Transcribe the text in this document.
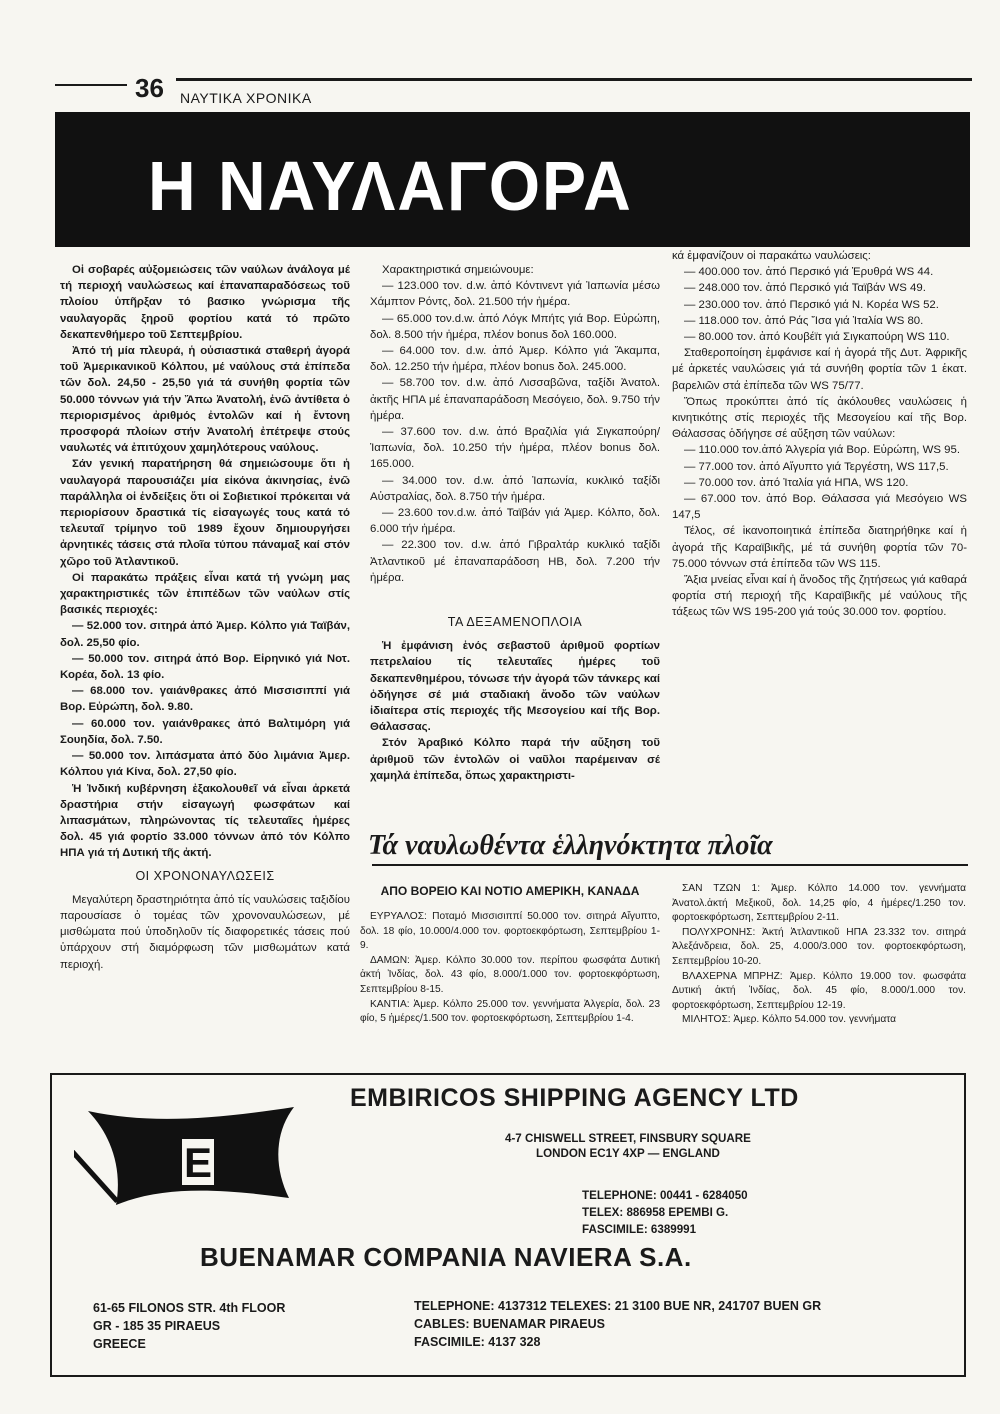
36 ΝΑΥΤΙΚΑ ΧΡΟΝΙΚΑ
Η ΝΑΥΛΑΓΟΡΑ

Οἱ σοβαρές αὐξομειώσεις τῶν ναύλων ἀνάλογα μέ τή περιοχή ναυλώσεως καί ἐπαναπαραδόσεως τοῦ πλοίου ὑπῆρξαν τό βασικο γνώρισμα τῆς ναυλαγορᾶς ξηροῦ φορτίου κατά τό πρῶτο δεκαπενθήμερο τοῦ Σεπτεμβρίου.

Ἀπό τή μία πλευρά, ἡ οὐσιαστικά σταθερή ἀγορά τοῦ Ἀμερικανικοῦ Κόλπου, μέ ναύλους στά ἐπίπεδα τῶν δολ. 24,50 - 25,50 γιά τά συνήθη φορτία τῶν 50.000 τόννων γιά τήν Ἄπω Ἀνατολή, ἐνῶ ἀντίθετα ὁ περιορισμένος ἀριθμός ἐντολῶν καί ἡ ἔντονη προσφορά πλοίων στήν Ἀνατολή ἐπέτρεψε στούς ναυλωτές νά ἐπιτύχουν χαμηλότερους ναύλους.

Σάν γενική παρατήρηση θά σημειώσουμε ὅτι ἡ ναυλαγορά παρουσιάζει μία εἰκόνα ἀκινησίας, ἐνῶ παράλληλα οἱ ἐνδείξεις ὅτι οἱ Σοβιετικοί πρόκειται νά περιορίσουν δραστικά τίς εἰσαγωγές τους κατά τό τελευταῖ τρίμηνο τοῦ 1989 ἔχουν δημιουργήσει ἀρνητικές τάσεις στά πλοῖα τύπου πάναμαξ καί στόν χῶρο τοῦ Ἀτλαντικοῦ.

Οἱ παρακάτω πράξεις εἶναι κατά τή γνώμη μας χαρακτηριστικές τῶν ἐπιπέδων τῶν ναύλων στίς βασικές περιοχές:

— 52.000 τον. σιτηρά ἀπό Ἀμερ. Κόλπο γιά Ταϊβάν, δολ. 25,50 φίο.

— 50.000 τον. σιτηρά ἀπό Βορ. Εἰρηνικό γιά Νοτ. Κορέα, δολ. 13 φίο.

— 68.000 τον. γαιάνθρακες ἀπό Μισσισιππί γιά Βορ. Εὐρώπη, δολ. 9.80.

— 60.000 τον. γαιάνθρακες ἀπό Βαλτιμόρη γιά Σουηδία, δολ. 7.50.

— 50.000 τον. λιπάσματα ἀπό δύο λιμάνια Ἀμερ. Κόλπου γιά Κίνα, δολ. 27,50 φίο.

Ἡ Ἰνδική κυβέρνηση ἐξακολουθεῖ νά εἶναι ἀρκετά δραστήρια στήν εἰσαγωγή φωσφάτων καί λιπασμάτων, πληρώνοντας τίς τελευταῖες ἡμέρες δολ. 45 γιά φορτίο 33.000 τόννων ἀπό τόν Κόλπο ΗΠΑ γιά τή Δυτική τῆς ἀκτή.

ΟΙ ΧΡΟΝΟΝΑΥΛΩΣΕΙΣ

Μεγαλύτερη δραστηριότητα ἀπό τίς ναυλώσεις ταξιδίου παρουσίασε ὁ τομέας τῶν χρονοναυλώσεων, μέ μισθώματα πού ὑποδηλοῦν τίς διαφορετικές τάσεις πού ὑπάρχουν στή διαμόρφωση τῶν μισθωμάτων κατά περιοχή.

Χαρακτηριστικά σημειώνουμε:

— 123.000 τον. d.w. ἀπό Κόντινεντ γιά Ἰαπωνία μέσω Χάμπτον Ρόντς, δολ. 21.500 τήν ἡμέρα.

— 65.000 τον.d.w. ἀπό Λόγκ Μπήτς γιά Βορ. Εὐρώπη, δολ. 8.500 τήν ἡμέρα, πλέον bonus δολ 160.000.

— 64.000 τον. d.w. ἀπό Ἀμερ. Κόλπο γιά Ἄκαμπα, δολ. 12.250 τήν ἡμέρα, πλέον bonus δολ. 245.000.

— 58.700 τον. d.w. ἀπό Λισσαβῶνα, ταξίδι Ἀνατολ. ἀκτῆς ΗΠΑ μέ ἐπαναπαράδοση Μεσόγειο, δολ. 9.750 τήν ἡμέρα.

— 37.600 τον. d.w. ἀπό Βραζιλία γιά Σιγκαπούρη/ Ἰαπωνία, δολ. 10.250 τήν ἡμέρα, πλέον bonus δολ. 165.000.

— 34.000 τον. d.w. ἀπό Ἰαπωνία, κυκλικό ταξίδι Αὐστραλίας, δολ. 8.750 τήν ἡμέρα.

— 23.600 τον.d.w. ἀπό Ταϊβάν γιά Ἀμερ. Κόλπο, δολ. 6.000 τήν ἡμέρα.

— 22.300 τον. d.w. ἀπό Γιβραλτάρ κυκλικό ταξίδι Ἀτλαντικοῦ μέ ἐπαναπαράδοση ΗΒ, δολ. 7.200 τήν ἡμέρα.

ΤΑ ΔΕΞΑΜΕΝΟΠΛΟΙΑ

Ἡ ἐμφάνιση ἑνός σεβαστοῦ ἀριθμοῦ φορτίων πετρελαίου τίς τελευταῖες ἡμέρες τοῦ δεκαπενθημέρου, τόνωσε τήν ἀγορά τῶν τάνκερς καί ὁδήγησε σέ μιά σταδιακή ἄνοδο τῶν ναύλων ἰδιαίτερα στίς περιοχές τῆς Μεσογείου καί τῆς Βορ. Θάλασσας.

Στόν Ἀραβικό Κόλπο παρά τήν αὔξηση τοῦ ἀριθμοῦ τῶν ἐντολῶν οἱ ναῦλοι παρέμειναν σέ χαμηλά ἐπίπεδα, ὅπως χαρακτηριστι-

κά ἐμφανίζουν οἱ παρακάτω ναυλώσεις:

— 400.000 τον. ἀπό Περσικό γιά Ἐρυθρά WS 44.

— 248.000 τον. ἀπό Περσικό γιά Ταϊβάν WS 49.

— 230.000 τον. ἀπό Περσικό γιά Ν. Κορέα WS 52.

— 118.000 τον. ἀπό Ράς Ἴσα γιά Ἰταλία WS 80.

— 80.000 τον. ἀπό Κουβέϊτ γιά Σιγκαπούρη WS 110.

Σταθεροποίηση ἐμφάνισε καί ἡ ἀγορά τῆς Δυτ. Ἀφρικῆς μέ ἀρκετές ναυλώσεις γιά τά συνήθη φορτία τῶν 1 ἑκατ. βαρελιῶν στά ἐπίπεδα τῶν WS 75/77.

Ὅπως προκύπτει ἀπό τίς ἀκόλουθες ναυλώσεις ἡ κινητικότης στίς περιοχές τῆς Μεσογείου καί τῆς Βορ. Θάλασσας ὁδήγησε σέ αὔξηση τῶν ναύλων:

— 110.000 τον.ἀπό Ἀλγερία γιά Βορ. Εὐρώπη, WS 95.

— 77.000 τον. ἀπό Αἴγυπτο γιά Τεργέστη, WS 117,5.

— 70.000 τον. ἀπό Ἰταλία γιά ΗΠΑ, WS 120.

— 67.000 τον. ἀπό Βορ. Θάλασσα γιά Μεσόγειο WS 147,5

Τέλος, σέ ἱκανοποιητικά ἐπίπεδα διατηρήθηκε καί ἡ ἀγορά τῆς Καραϊβικῆς, μέ τά συνήθη φορτία τῶν 70-75.000 τόννων στά ἐπίπεδα τῶν WS 115.

Ἄξια μνείας εἶναι καί ἡ ἄνοδος τῆς ζητήσεως γιά καθαρά φορτία στή περιοχή τῆς Καραϊβικῆς μέ ναύλους τῆς τάξεως τῶν WS 195-200 γιά τούς 30.000 τον. φορτίου.

Τά ναυλωθέντα ἑλληνόκτητα πλοῖα
ΑΠΟ ΒΟΡΕΙΟ ΚΑΙ ΝΟΤΙΟ ΑΜΕΡΙΚΗ, ΚΑΝΑΔΑ
ΕΥΡΥΑΛΟΣ: Ποταμό Μισσισιππί 50.000 τον. σιτηρά Αἴγυπτο, δολ. 18 φίο, 10.000/4.000 τον. φορτοεκφόρτωση, Σεπτεμβρίου 1-9.
ΔΑΜΩΝ: Ἀμερ. Κόλπο 30.000 τον. περίπου φωσφάτα Δυτική ἀκτή Ἰνδίας, δολ. 43 φίο, 8.000/1.000 τον. φορτοεκφόρτωση, Σεπτεμβρίου 8-15.
ΚΑΝΤΙΑ: Ἀμερ. Κόλπο 25.000 τον. γεννήματα Ἀλγερία, δολ. 23 φίο, 5 ἡμέρες/1.500 τον. φορτοεκφόρτωση, Σεπτεμβρίου 1-4.
ΣΑΝ ΤΖΩΝ 1: Ἀμερ. Κόλπο 14.000 τον. γεννήματα Ἀνατολ.ἀκτή Μεξικοῦ, δολ. 14,25 φίο, 4 ἡμέρες/1.250 τον. φορτοεκφόρτωση, Σεπτεμβρίου 2-11.
ΠΟΛΥΧΡΟΝΗΣ: Ἀκτή Ἀτλαντικοῦ ΗΠΑ 23.332 τον. σιτηρά Ἀλεξάνδρεια, δολ. 25, 4.000/3.000 τον. φορτοεκφόρτωση, Σεπτεμβρίου 10-20.
ΒΛΑΧΕΡΝΑ ΜΠΡΗΖ: Ἀμερ. Κόλπο 19.000 τον. φωσφάτα Δυτική ἀκτή Ἰνδίας, δολ. 45 φίο, 8.000/1.000 τον. φορτοεκφόρτωση, Σεπτεμβρίου 12-19.
ΜΙΛΗΤΟΣ: Ἀμερ. Κόλπο 54.000 τον. γεννήματα
E
EMBIRICOS SHIPPING AGENCY LTD
4-7 CHISWELL STREET, FINSBURY SQUARE
LONDON EC1Y 4XP — ENGLAND
TELEPHONE: 00441 - 6284050
TELEX: 886958 EPEMBI G.
FASCIMILE: 6389991
BUENAMAR COMPANIA NAVIERA S.A.
61-65 FILONOS STR. 4th FLOOR
GR - 185 35 PIRAEUS
GREECE
TELEPHONE: 4137312 TELEXES: 21 3100 BUE NR, 241707 BUEN GR
CABLES: BUENAMAR PIRAEUS
FASCIMILE: 4137 328
